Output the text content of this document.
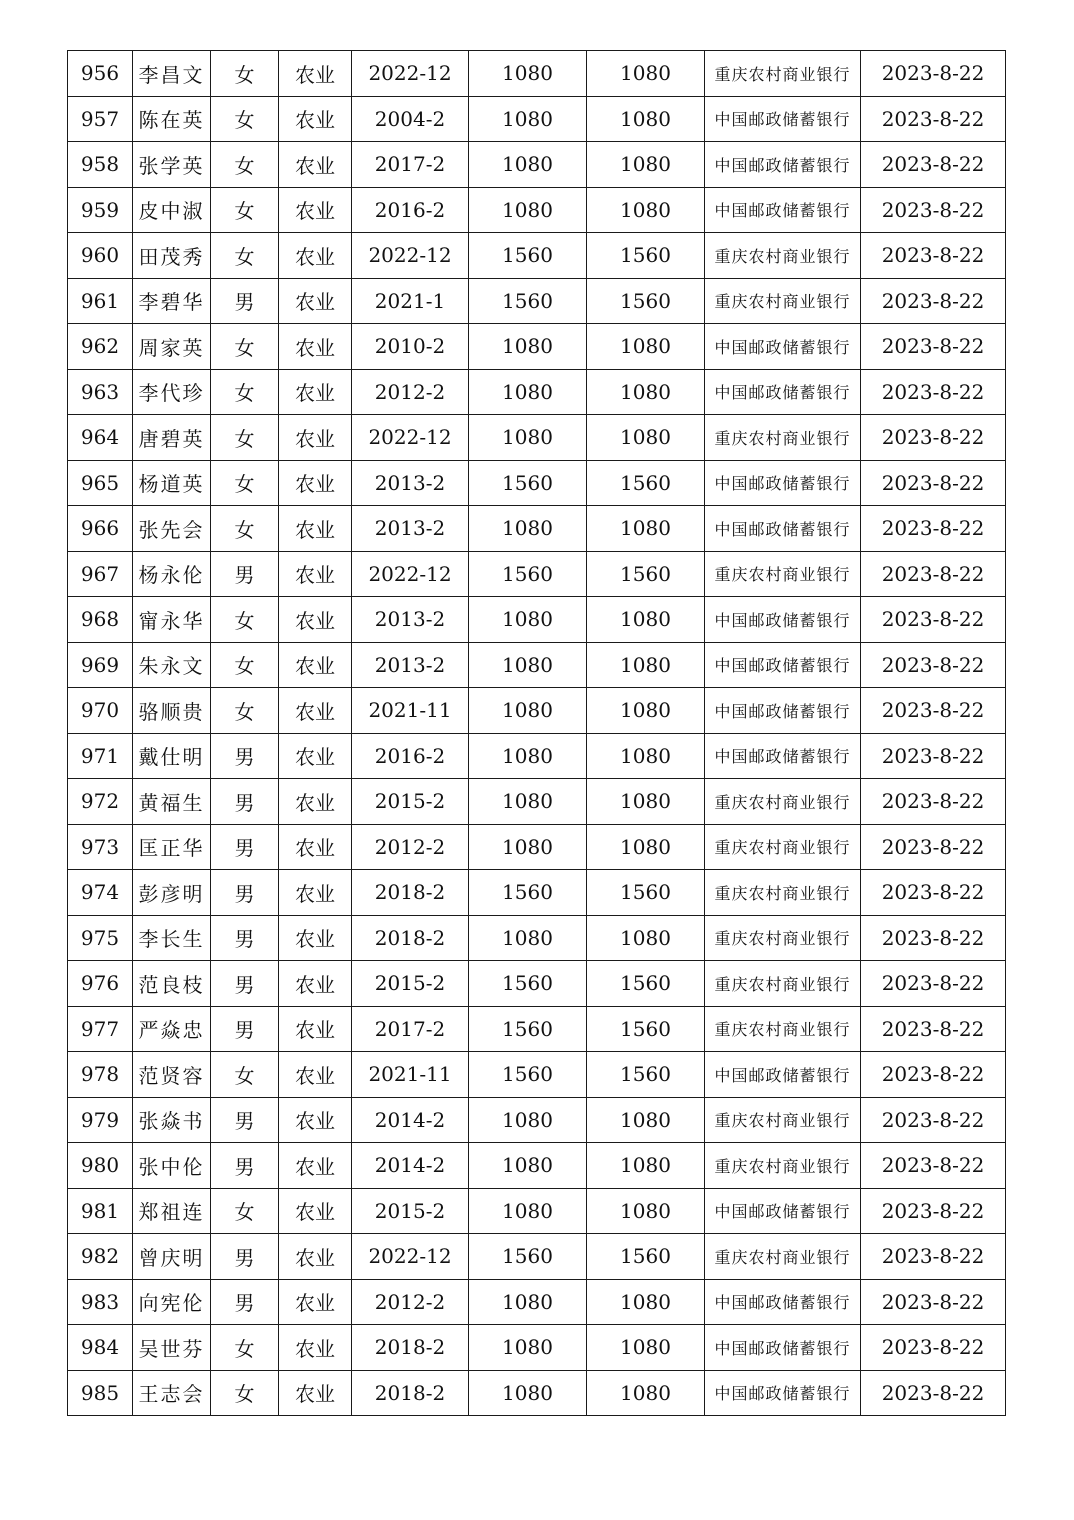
956	李昌文	女	农业	2022-12	1080	1080	重庆农村商业银行	2023-8-22
957	陈在英	女	农业	2004-2	1080	1080	中国邮政储蓄银行	2023-8-22
958	张学英	女	农业	2017-2	1080	1080	中国邮政储蓄银行	2023-8-22
959	皮中淑	女	农业	2016-2	1080	1080	中国邮政储蓄银行	2023-8-22
960	田茂秀	女	农业	2022-12	1560	1560	重庆农村商业银行	2023-8-22
961	李碧华	男	农业	2021-1	1560	1560	重庆农村商业银行	2023-8-22
962	周家英	女	农业	2010-2	1080	1080	中国邮政储蓄银行	2023-8-22
963	李代珍	女	农业	2012-2	1080	1080	中国邮政储蓄银行	2023-8-22
964	唐碧英	女	农业	2022-12	1080	1080	重庆农村商业银行	2023-8-22
965	杨道英	女	农业	2013-2	1560	1560	中国邮政储蓄银行	2023-8-22
966	张先会	女	农业	2013-2	1080	1080	中国邮政储蓄银行	2023-8-22
967	杨永伦	男	农业	2022-12	1560	1560	重庆农村商业银行	2023-8-22
968	甯永华	女	农业	2013-2	1080	1080	中国邮政储蓄银行	2023-8-22
969	朱永文	女	农业	2013-2	1080	1080	中国邮政储蓄银行	2023-8-22
970	骆顺贵	女	农业	2021-11	1080	1080	中国邮政储蓄银行	2023-8-22
971	戴仕明	男	农业	2016-2	1080	1080	中国邮政储蓄银行	2023-8-22
972	黄福生	男	农业	2015-2	1080	1080	重庆农村商业银行	2023-8-22
973	匡正华	男	农业	2012-2	1080	1080	重庆农村商业银行	2023-8-22
974	彭彦明	男	农业	2018-2	1560	1560	重庆农村商业银行	2023-8-22
975	李长生	男	农业	2018-2	1080	1080	重庆农村商业银行	2023-8-22
976	范良枝	男	农业	2015-2	1560	1560	重庆农村商业银行	2023-8-22
977	严焱忠	男	农业	2017-2	1560	1560	重庆农村商业银行	2023-8-22
978	范贤容	女	农业	2021-11	1560	1560	中国邮政储蓄银行	2023-8-22
979	张焱书	男	农业	2014-2	1080	1080	重庆农村商业银行	2023-8-22
980	张中伦	男	农业	2014-2	1080	1080	重庆农村商业银行	2023-8-22
981	郑祖连	女	农业	2015-2	1080	1080	中国邮政储蓄银行	2023-8-22
982	曾庆明	男	农业	2022-12	1560	1560	重庆农村商业银行	2023-8-22
983	向宪伦	男	农业	2012-2	1080	1080	中国邮政储蓄银行	2023-8-22
984	吴世芬	女	农业	2018-2	1080	1080	中国邮政储蓄银行	2023-8-22
985	王志会	女	农业	2018-2	1080	1080	中国邮政储蓄银行	2023-8-22
